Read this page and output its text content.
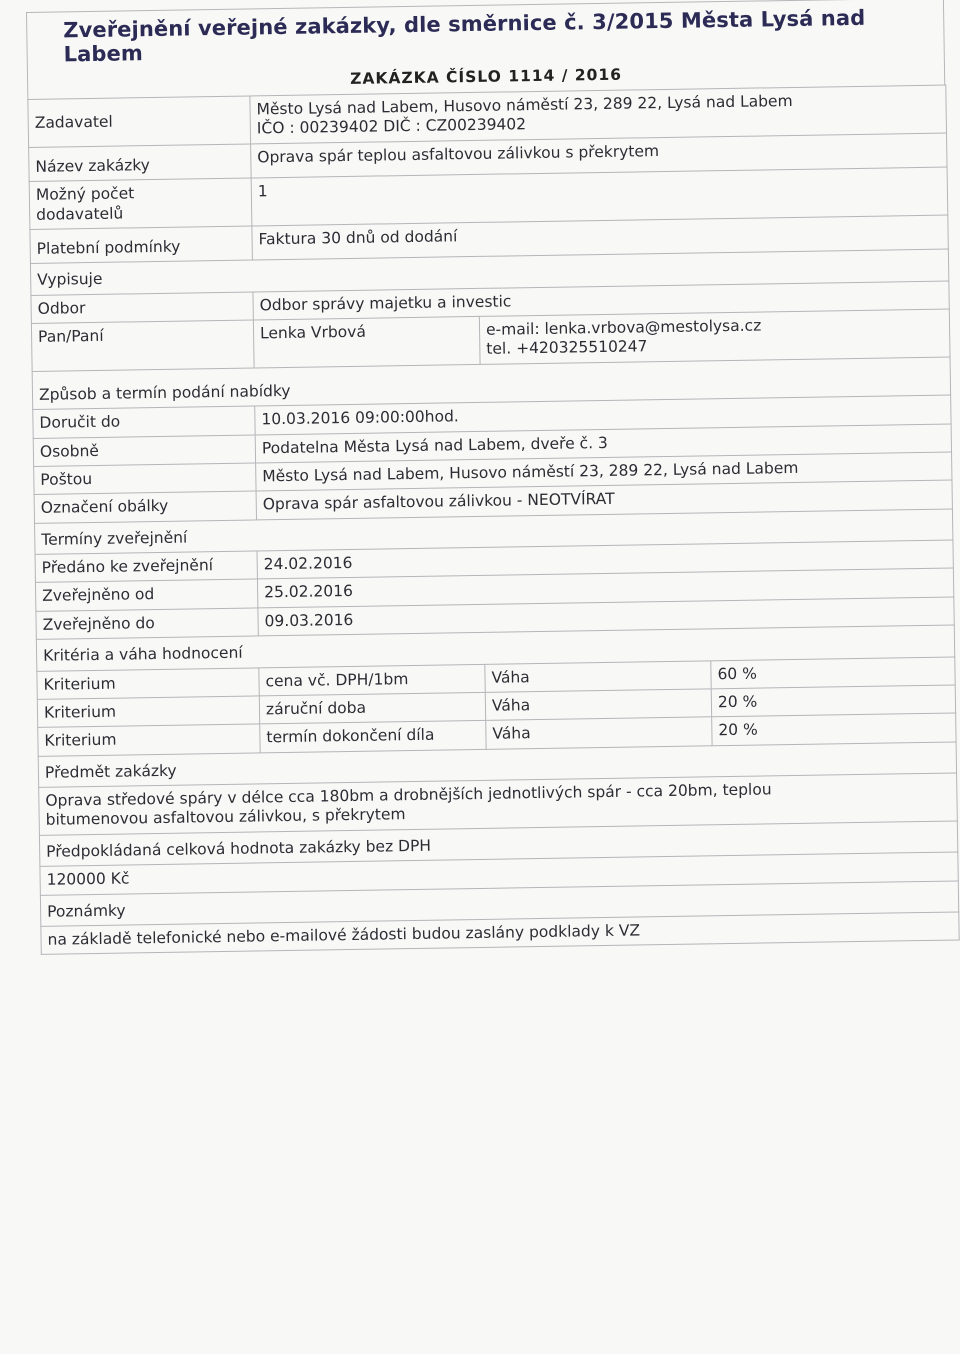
Zveřejnění veřejné zakázky, dle směrnice č. 3/2015 Města Lysá nad Labem
ZAKÁZKA ČÍSLO 1114 / 2016
Zadavatel	Město Lysá nad Labem, Husovo náměstí 23, 289 22, Lysá nad Labem
IČO : 00239402 DIČ : CZ00239402		

Název zakázky	Oprava spár teplou asfaltovou zálivkou s překrytem		

Možný počet
dodavatelů	1		
Platební podmínky	Faktura 30 dnů od dodání		
Vypisuje			
Odbor	Odbor správy majetku a investic		
Pan/Paní	Lenka Vrbová	e-mail: lenka.vrbova@mestolysa.cz
tel. +420325510247	

Způsob a termín podání nabídky			
Doručit do	10.03.2016 09:00:00hod.		
Osobně	Podatelna Města Lysá nad Labem, dveře č. 3		
Poštou	Město Lysá nad Labem, Husovo náměstí 23, 289 22, Lysá nad Labem		
Označení obálky	Oprava spár asfaltovou zálivkou - NEOTVÍRAT		
Termíny zveřejnění			
Předáno ke zveřejnění	24.02.2016		
Zveřejněno od	25.02.2016		
Zveřejněno do	09.03.2016		
Kritéria a váha hodnocení			
Kriterium	cena vč. DPH/1bm	Váha	60 %
Kriterium	záruční doba	Váha	20 %
Kriterium	termín dokončení díla	Váha	20 %
Předmět zakázky			

Oprava středové spáry v délce cca 180bm a drobnějších jednotlivých spár - cca 20bm, teplou
bitumenovou asfaltovou zálivkou, s překrytem			

Předpokládaná celková hodnota zakázky bez DPH			
120000 Kč			
Poznámky			
na základě telefonické nebo e-mailové žádosti budou zaslány podklady k VZ			
